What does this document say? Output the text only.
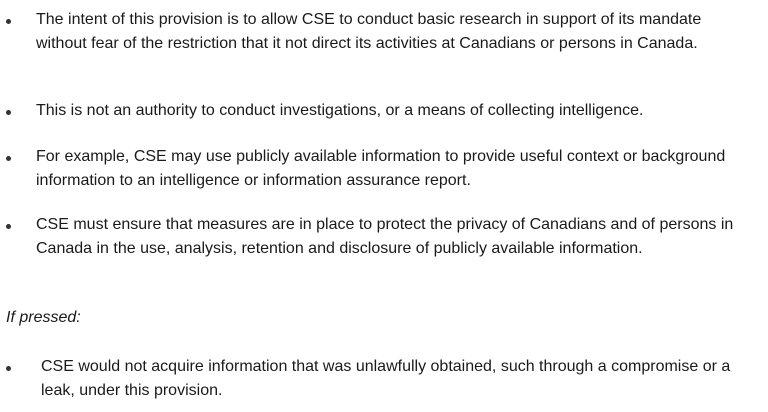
The intent of this provision is to allow CSE to conduct basic research in support of its mandate without fear of the restriction that it not direct its activities at Canadians or persons in Canada.

This is not an authority to conduct investigations, or a means of collecting intelligence.

For example, CSE may use publicly available information to provide useful context or background information to an intelligence or information assurance report.

CSE must ensure that measures are in place to protect the privacy of Canadians and of persons in Canada in the use, analysis, retention and disclosure of publicly available information.

If pressed:

CSE would not acquire information that was unlawfully obtained, such through a compromise or a leak, under this provision.
